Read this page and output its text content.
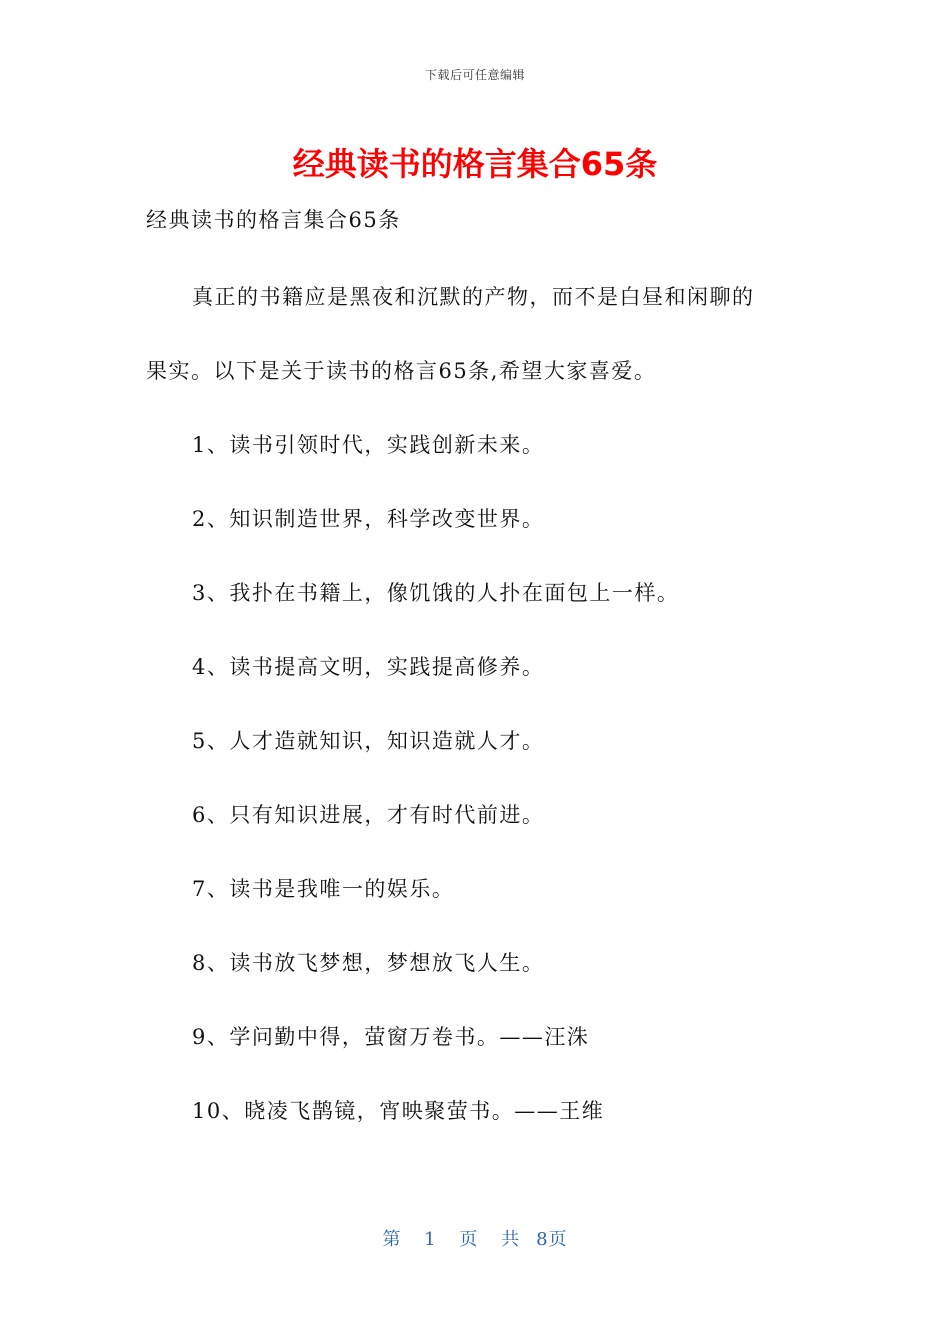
下载后可任意编辑
经典读书的格言集合65条

经典读书的格言集合65条

真正的书籍应是黑夜和沉默的产物，而不是白昼和闲聊的

果实。以下是关于读书的格言65条,希望大家喜爱。

1、读书引领时代，实践创新未来。

2、知识制造世界，科学改变世界。

3、我扑在书籍上，像饥饿的人扑在面包上一样。

4、读书提高文明，实践提高修养。

5、人才造就知识，知识造就人才。

6、只有知识进展，才有时代前进。

7、读书是我唯一的娱乐。

8、读书放飞梦想，梦想放飞人生。

9、学问勤中得，萤窗万卷书。——汪洙

10、晓凌飞鹊镜，宵映聚萤书。——王维

第 1 页 共 8页
